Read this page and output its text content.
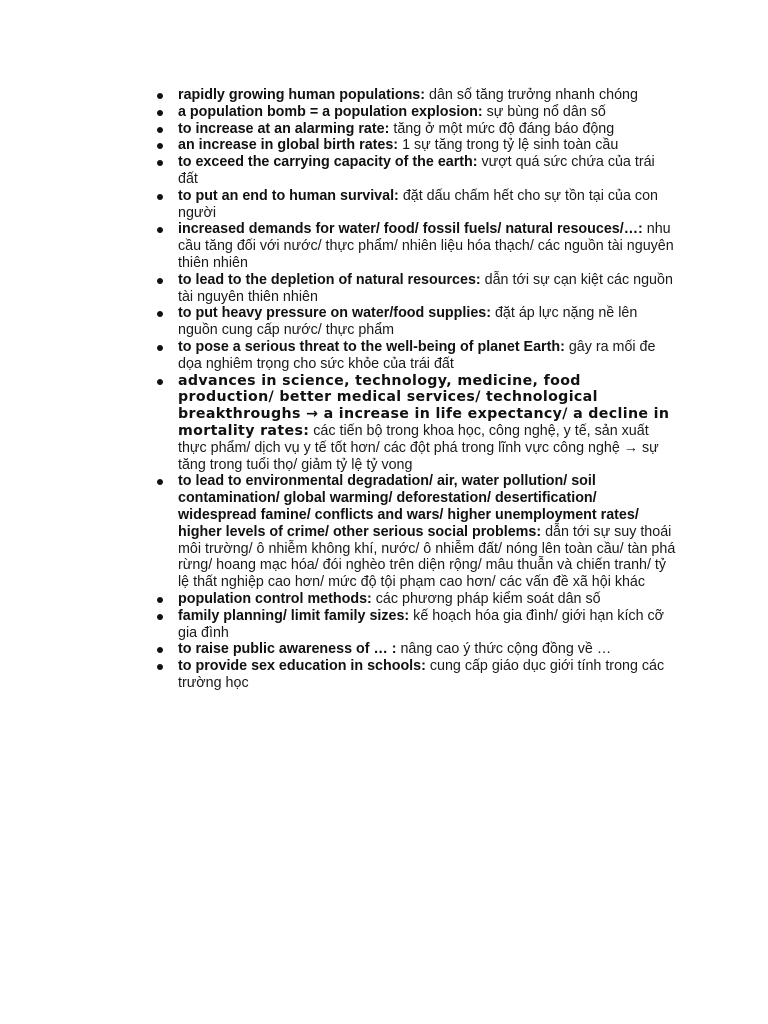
rapidly growing human populations: dân số tăng trưởng nhanh chóng
a population bomb = a population explosion: sự bùng nổ dân số
to increase at an alarming rate: tăng ở một mức độ đáng báo động
an increase in global birth rates: 1 sự tăng trong tỷ lệ sinh toàn cầu
to exceed the carrying capacity of the earth: vượt quá sức chứa của trái đất
to put an end to human survival: đặt dấu chấm hết cho sự tồn tại của con người
increased demands for water/ food/ fossil fuels/ natural resouces/…: nhu cầu tăng đối với nước/ thực phẩm/ nhiên liệu hóa thạch/ các nguồn tài nguyên thiên nhiên
to lead to the depletion of natural resources: dẫn tới sự cạn kiệt các nguồn tài nguyên thiên nhiên
to put heavy pressure on water/food supplies: đặt áp lực nặng nề lên nguồn cung cấp nước/ thực phẩm
to pose a serious threat to the well-being of planet Earth: gây ra mối đe dọa nghiêm trọng cho sức khỏe của trái đất
advances in science, technology, medicine, food production/ better medical services/ technological breakthroughs → a increase in life expectancy/ a decline in mortality rates: các tiến bộ trong khoa học, công nghệ, y tế, sản xuất thực phẩm/ dịch vụ y tế tốt hơn/ các đột phá trong lĩnh vực công nghệ → sự tăng trong tuổi thọ/ giảm tỷ lệ tỷ vong
to lead to environmental degradation/ air, water pollution/ soil contamination/ global warming/ deforestation/ desertification/ widespread famine/ conflicts and wars/ higher unemployment rates/ higher levels of crime/ other serious social problems: dẫn tới sự suy thoái môi trường/ ô nhiễm không khí, nước/ ô nhiễm đất/ nóng lên toàn cầu/ tàn phá rừng/ hoang mạc hóa/ đói nghèo trên diện rộng/ mâu thuẫn và chiến tranh/ tỷ lệ thất nghiệp cao hơn/ mức độ tội phạm cao hơn/ các vấn đề xã hội khác
population control methods: các phương pháp kiểm soát dân số
family planning/ limit family sizes: kế hoạch hóa gia đình/ giới hạn kích cỡ gia đình
to raise public awareness of … : nâng cao ý thức cộng đồng về …
to provide sex education in schools: cung cấp giáo dục giới tính trong các trường học
